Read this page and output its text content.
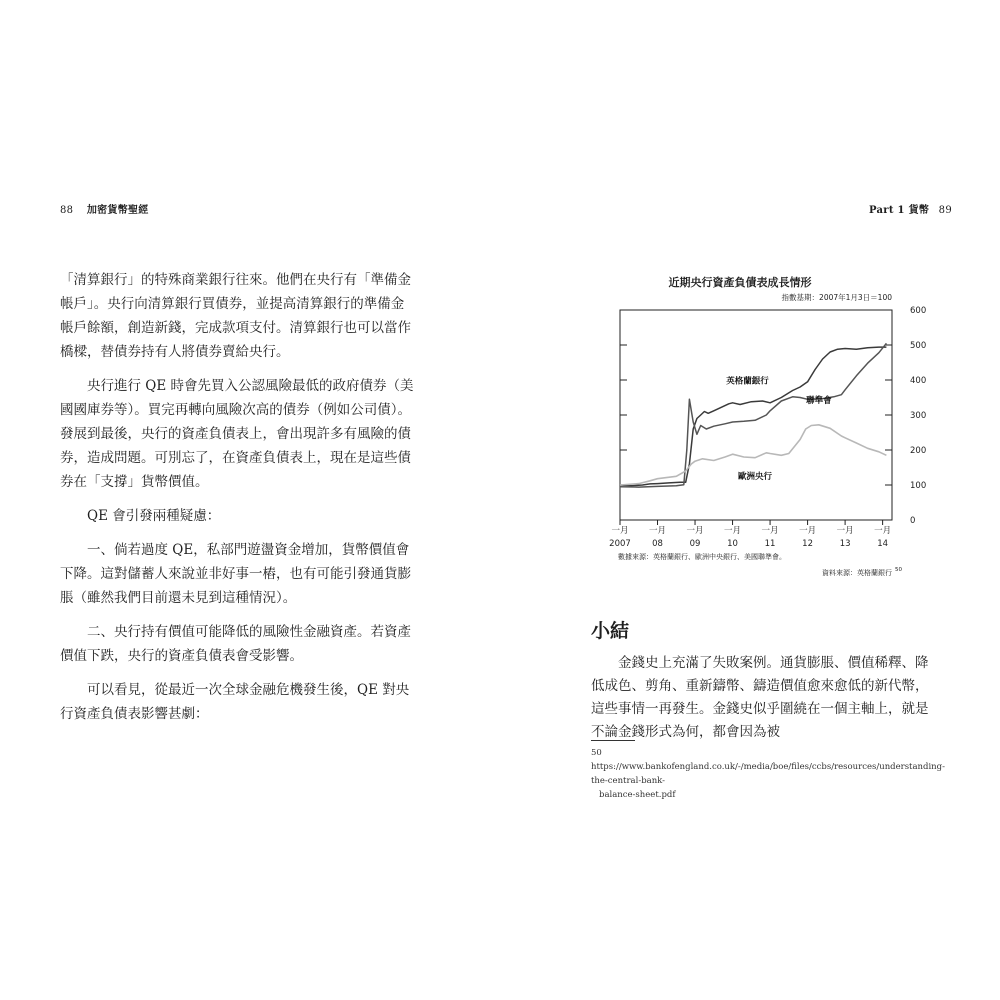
88 加密貨幣聖經	Part 1 貨幣 89

「清算銀行」的特殊商業銀行往來。他們在央行有「準備金帳戶」。央行向清算銀行買債券，並提高清算銀行的準備金帳戶餘額，創造新錢，完成款項支付。清算銀行也可以當作橋樑，替債券持有人將債券賣給央行。

央行進行 QE 時會先買入公認風險最低的政府債券（美國國庫券等）。買完再轉向風險次高的債券（例如公司債）。發展到最後，央行的資產負債表上，會出現許多有風險的債券，造成問題。可別忘了，在資產負債表上，現在是這些債券在「支撐」貨幣價值。

QE 會引發兩種疑慮：

一、倘若過度 QE，私部門遊盪資金增加，貨幣價值會下降。這對儲蓄人來說並非好事一樁，也有可能引發通貨膨脹（雖然我們目前還未見到這種情況）。

二、央行持有價值可能降低的風險性金融資產。若資產價值下跌，央行的資產負債表會受影響。

可以看見，從最近一次全球金融危機發生後，QE 對央行資產負債表影響甚劇：

近期央行資產負債表成長情形
指數基期：2007年1月3日＝100
0
100
200
300
400
500
600
一月
2007
一月
08
一月
09
一月
10
一月
11
一月
12
一月
13
一月
14
英格蘭銀行
聯準會
歐洲央行
數據來源：英格蘭銀行、歐洲中央銀行、美國聯準會。
資料來源：英格蘭銀行 50
小結

金錢史上充滿了失敗案例。通貨膨脹、價值稀釋、降低成色、剪角、重新鑄幣、鑄造價值愈來愈低的新代幣，這些事情一再發生。金錢史似乎圍繞在一個主軸上，就是不論金錢形式為何，都會因為被

50 https://www.bankofengland.co.uk/-/media/boe/files/ccbs/resources/understanding-the-central-bank-
balance-sheet.pdf
